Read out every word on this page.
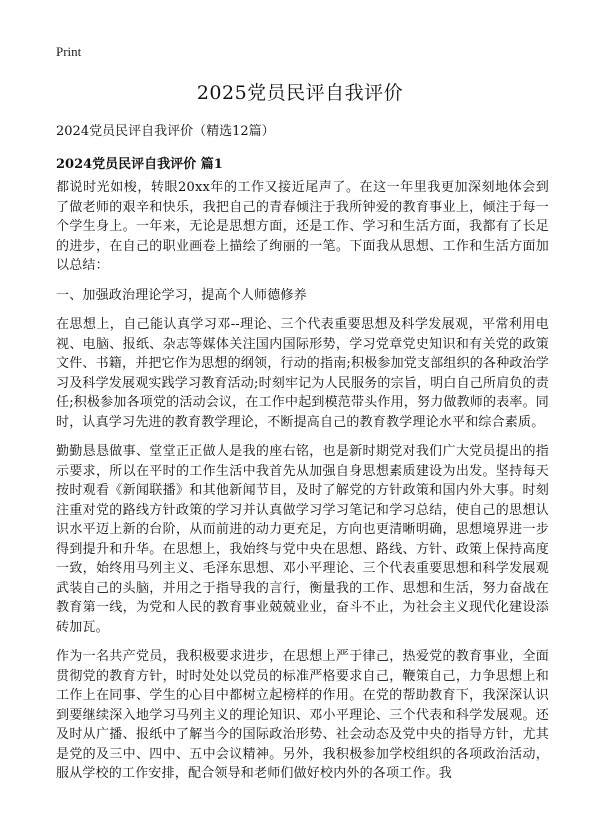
Print
2025党员民评自我评价

2024党员民评自我评价（精选12篇）

2024党员民评自我评价 篇1

都说时光如梭，转眼20xx年的工作又接近尾声了。在这一年里我更加深刻地体会到了做老师的艰辛和快乐，我把自己的青春倾注于我所钟爱的教育事业上，倾注于每一个学生身上。一年来，无论是思想方面，还是工作、学习和生活方面，我都有了长足的进步，在自己的职业画卷上描绘了绚丽的一笔。下面我从思想、工作和生活方面加以总结：

一、加强政治理论学习，提高个人师德修养

在思想上，自己能认真学习邓--理论、三个代表重要思想及科学发展观，平常利用电视、电脑、报纸、杂志等媒体关注国内国际形势，学习党章党史知识和有关党的政策文件、书籍，并把它作为思想的纲领，行动的指南;积极参加党支部组织的各种政治学习及科学发展观实践学习教育活动;时刻牢记为人民服务的宗旨，明白自己所肩负的责任;积极参加各项党的活动会议，在工作中起到模范带头作用，努力做教师的表率。同时，认真学习先进的教育教学理论，不断提高自己的教育教学理论水平和综合素质。

勤勤恳恳做事、堂堂正正做人是我的座右铭，也是新时期党对我们广大党员提出的指示要求，所以在平时的工作生活中我首先从加强自身思想素质建设为出发。坚持每天按时观看《新闻联播》和其他新闻节目，及时了解党的方针政策和国内外大事。时刻注重对党的路线方针政策的学习并认真做学习学习笔记和学习总结，使自己的思想认识水平迈上新的台阶，从而前进的动力更充足，方向也更清晰明确，思想境界进一步得到提升和升华。在思想上，我始终与党中央在思想、路线、方针、政策上保持高度一致，始终用马列主义、毛泽东思想、邓小平理论、三个代表重要思想和科学发展观武装自己的头脑，并用之于指导我的言行，衡量我的工作、思想和生活，努力奋战在教育第一线，为党和人民的教育事业兢兢业业，奋斗不止，为社会主义现代化建设添砖加瓦。

作为一名共产党员，我积极要求进步，在思想上严于律己，热爱党的教育事业，全面贯彻党的教育方针，时时处处以党员的标准严格要求自己，鞭策自己，力争思想上和工作上在同事、学生的心目中都树立起榜样的作用。在党的帮助教育下，我深深认识到要继续深入地学习马列主义的理论知识、邓小平理论、三个代表和科学发展观。还及时从广播、报纸中了解当今的国际政治形势、社会动态及党中央的指导方针，尤其是党的及三中、四中、五中会议精神。另外，我积极参加学校组织的各项政治活动，服从学校的工作安排，配合领导和老师们做好校内外的各项工作。我
